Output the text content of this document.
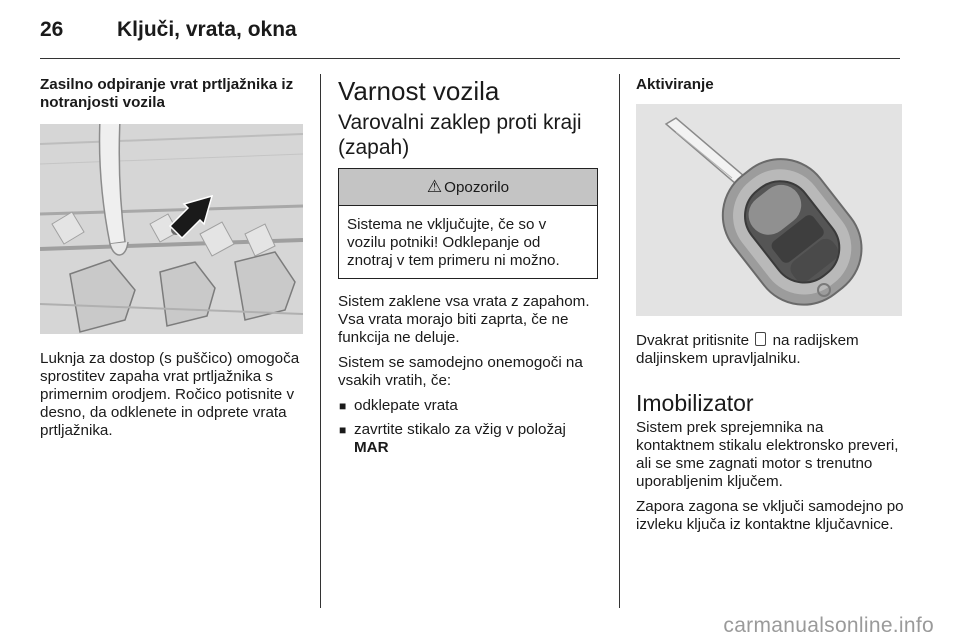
26	Ključi, vrata, okna
Zasilno odpiranje vrat prtljažnika iz notranjosti vozila

Luknja za dostop (s puščico) omogoča sprostitev zapaha vrat prtljažnika s primernim orodjem. Ročico potisnite v desno, da odklenete in odprete vrata prtljažnika.

Varnost vozila
Varovalni zaklep proti kraji (zapah)
⚠ Opozorilo
Sistema ne vključujte, če so v vozilu potniki! Odklepanje od znotraj v tem primeru ni možno.

Sistem zaklene vsa vrata z zapahom. Vsa vrata morajo biti zaprta, če ne funkcija ne deluje.

Sistem se samodejno onemogoči na vsakih vratih, če:

■ odklepate vrata
■ zavrtite stikalo za vžig v položaj
MAR
Aktiviranje

Dvakrat pritisnite na radijskem daljinskem upravljalniku.

Imobilizator

Sistem prek sprejemnika na kontaktnem stikalu elektronsko preveri, ali se sme zagnati motor s trenutno uporabljenim ključem.

Zapora zagona se vključi samodejno po izvleku ključa iz kontaktne ključavnice.

carmanualsonline.info
